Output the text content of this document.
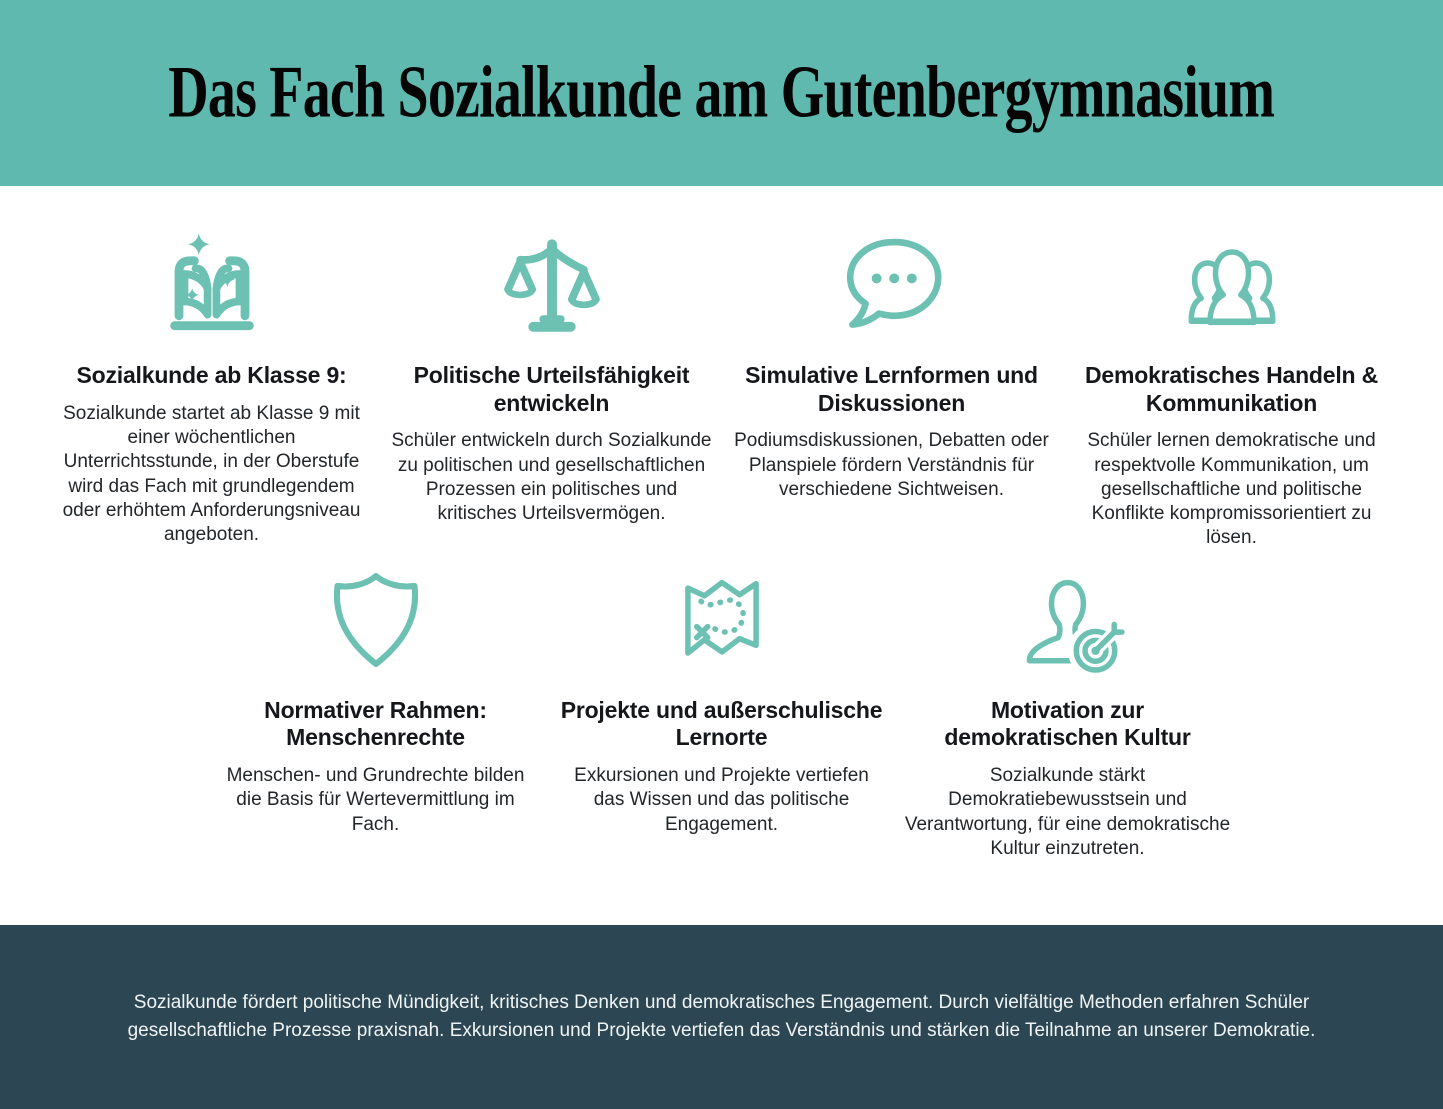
Das Fach Sozialkunde am Gutenbergymnasium
Sozialkunde ab Klasse 9:

Sozialkunde startet ab Klasse 9 mit einer wöchentlichen Unterrichtsstunde, in der Oberstufe wird das Fach mit grundlegendem oder erhöhtem Anforderungsniveau angeboten.

Politische Urteilsfähigkeit entwickeln

Schüler entwickeln durch Sozialkunde zu politischen und gesellschaftlichen Prozessen ein politisches und kritisches Urteilsvermögen.

Simulative Lernformen und Diskussionen

Podiumsdiskussionen, Debatten oder Planspiele fördern Verständnis für verschiedene Sichtweisen.

Demokratisches Handeln & Kommunikation

Schüler lernen demokratische und respektvolle Kommunikation, um gesellschaftliche und politische Konflikte kompromissorientiert zu lösen.

Normativer Rahmen: Menschenrechte

Menschen- und Grundrechte bilden die Basis für Wertevermittlung im Fach.

Projekte und außerschulische Lernorte

Exkursionen und Projekte vertiefen das Wissen und das politische Engagement.

Motivation zur demokratischen Kultur

Sozialkunde stärkt Demokratiebewusstsein und Verantwortung, für eine demokratische Kultur einzutreten.

Sozialkunde fördert politische Mündigkeit, kritisches Denken und demokratisches Engagement. Durch vielfältige Methoden erfahren Schüler gesellschaftliche Prozesse praxisnah. Exkursionen und Projekte vertiefen das Verständnis und stärken die Teilnahme an unserer Demokratie.
